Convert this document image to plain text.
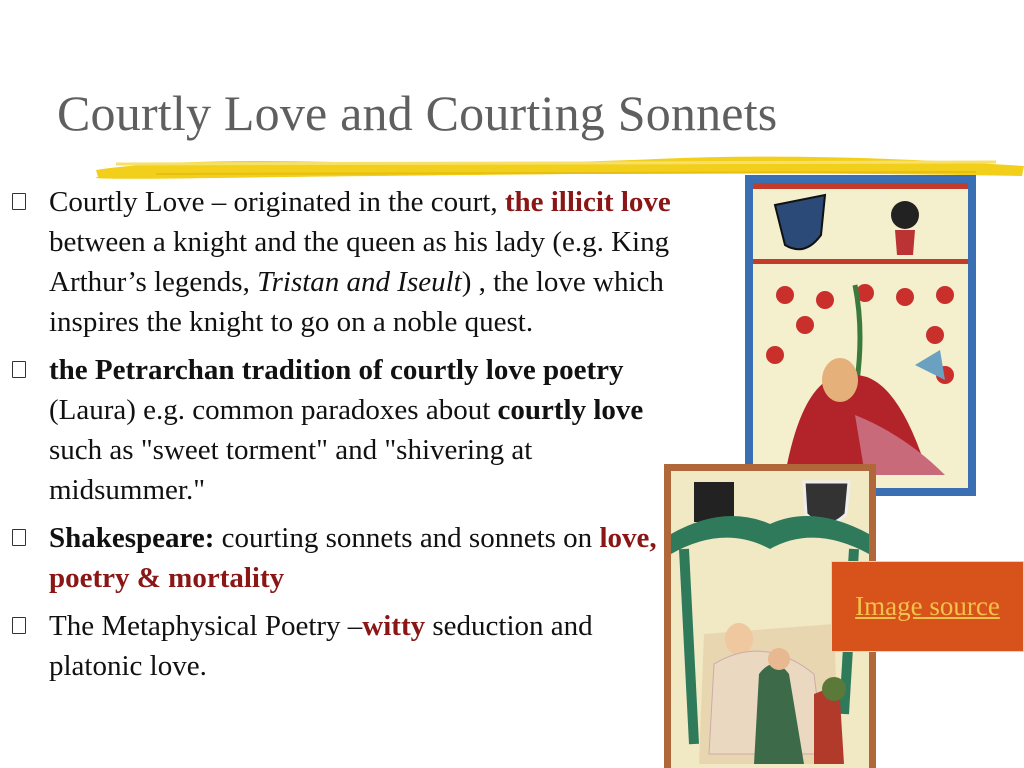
Courtly Love and Courting Sonnets
Courtly Love – originated in the court, the illicit love between a knight and the queen as his lady (e.g. King Arthur’s legends, Tristan and Iseult) , the love which inspires the knight to go on a noble quest.
the Petrarchan tradition of courtly love poetry (Laura) e.g. common paradoxes about courtly love such as "sweet torment" and "shivering at midsummer."
Shakespeare: courting sonnets and sonnets on love, poetry & mortality
The Metaphysical Poetry –witty seduction and platonic love.
Image source
